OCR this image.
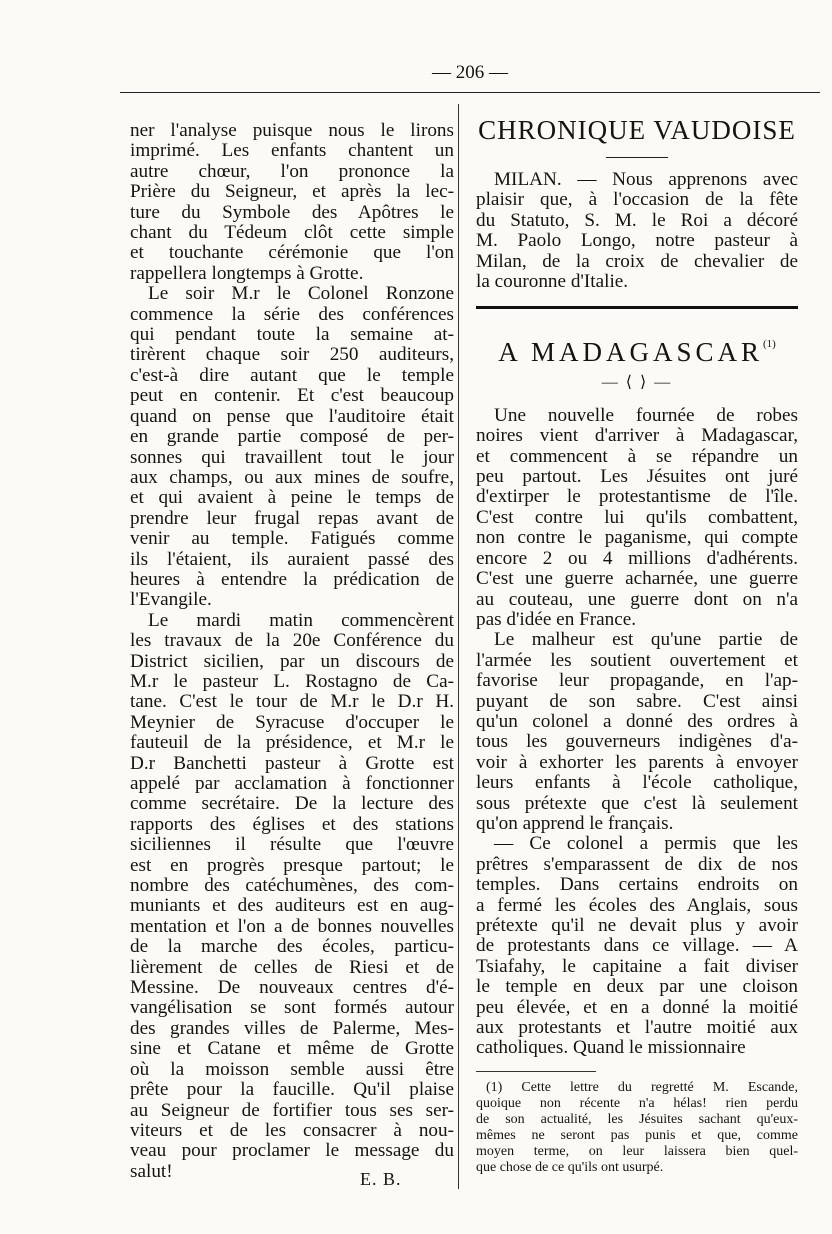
— 206 —
ner l'analyse puisque nous le lirons
imprimé. Les enfants chantent un
autre chœur, l'on prononce la
Prière du Seigneur, et après la lec-
ture du Symbole des Apôtres le
chant du Tédeum clôt cette simple
et touchante cérémonie que l'on
rappellera longtemps à Grotte.
Le soir M.r le Colonel Ronzone
commence la série des conférences
qui pendant toute la semaine at-
tirèrent chaque soir 250 auditeurs,
c'est-à dire autant que le temple
peut en contenir. Et c'est beaucoup
quand on pense que l'auditoire était
en grande partie composé de per-
sonnes qui travaillent tout le jour
aux champs, ou aux mines de soufre,
et qui avaient à peine le temps de
prendre leur frugal repas avant de
venir au temple. Fatigués comme
ils l'étaient, ils auraient passé des
heures à entendre la prédication de
l'Evangile.
Le mardi matin commencèrent
les travaux de la 20e Conférence du
District sicilien, par un discours de
M.r le pasteur L. Rostagno de Ca-
tane. C'est le tour de M.r le D.r H.
Meynier de Syracuse d'occuper le
fauteuil de la présidence, et M.r le
D.r Banchetti pasteur à Grotte est
appelé par acclamation à fonctionner
comme secrétaire. De la lecture des
rapports des églises et des stations
siciliennes il résulte que l'œuvre
est en progrès presque partout; le
nombre des catéchumènes, des com-
muniants et des auditeurs est en aug-
mentation et l'on a de bonnes nouvelles
de la marche des écoles, particu-
lièrement de celles de Riesi et de
Messine. De nouveaux centres d'é-
vangélisation se sont formés autour
des grandes villes de Palerme, Mes-
sine et Catane et même de Grotte
où la moisson semble aussi être
prête pour la faucille. Qu'il plaise
au Seigneur de fortifier tous ses ser-
viteurs et de les consacrer à nou-
veau pour proclamer le message du
salut!	E. B.
CHRONIQUE VAUDOISE
MILAN. — Nous apprenons avec
plaisir que, à l'occasion de la fête
du Statuto, S. M. le Roi a décoré
M. Paolo Longo, notre pasteur à
Milan, de la croix de chevalier de
la couronne d'Italie.
A MADAGASCAR$^{(1)}$
— ⟨ ⟩ —
Une nouvelle fournée de robes
noires vient d'arriver à Madagascar,
et commencent à se répandre un
peu partout. Les Jésuites ont juré
d'extirper le protestantisme de l'île.
C'est contre lui qu'ils combattent,
non contre le paganisme, qui compte
encore 2 ou 4 millions d'adhérents.
C'est une guerre acharnée, une guerre
au couteau, une guerre dont on n'a
pas d'idée en France.
Le malheur est qu'une partie de
l'armée les soutient ouvertement et
favorise leur propagande, en l'ap-
puyant de son sabre. C'est ainsi
qu'un colonel a donné des ordres à
tous les gouverneurs indigènes d'a-
voir à exhorter les parents à envoyer
leurs enfants à l'école catholique,
sous prétexte que c'est là seulement
qu'on apprend le français.
— Ce colonel a permis que les
prêtres s'emparassent de dix de nos
temples. Dans certains endroits on
a fermé les écoles des Anglais, sous
prétexte qu'il ne devait plus y avoir
de protestants dans ce village. — A
Tsiafahy, le capitaine a fait diviser
le temple en deux par une cloison
peu élevée, et en a donné la moitié
aux protestants et l'autre moitié aux
catholiques. Quand le missionnaire
(1) Cette lettre du regretté M. Escande,
quoique non récente n'a hélas! rien perdu
de son actualité, les Jésuites sachant qu'eux-
mêmes ne seront pas punis et que, comme
moyen terme, on leur laissera bien quel-
que chose de ce qu'ils ont usurpé.
